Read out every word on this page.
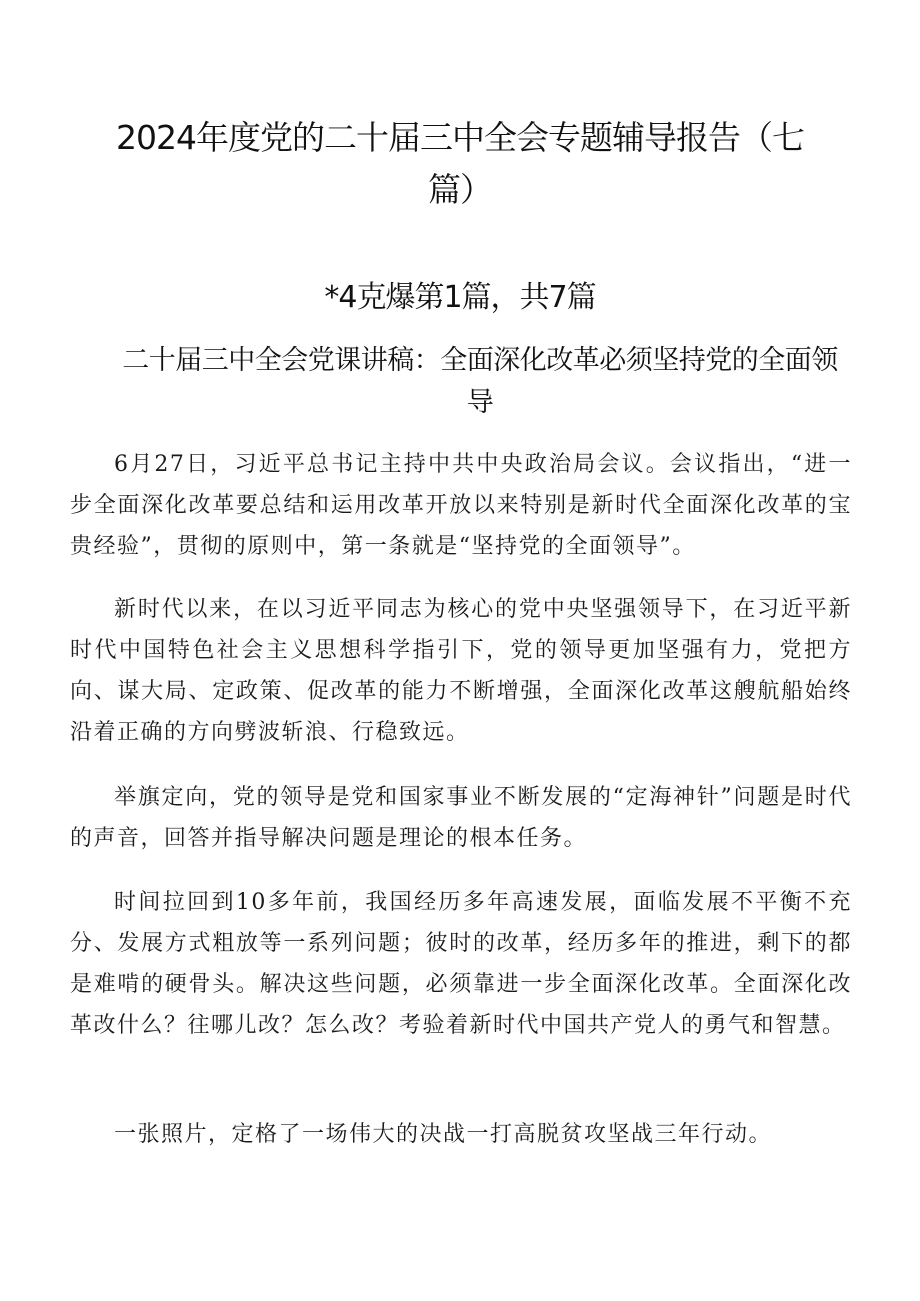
2024年度党的二十届三中全会专题辅导报告（七篇）
*4克爆第1篇，共7篇
二十届三中全会党课讲稿：全面深化改革必须坚持党的全面领导

6月27日，习近平总书记主持中共中央政治局会议。会议指出，“进一步全面深化改革要总结和运用改革开放以来特别是新时代全面深化改革的宝贵经验”，贯彻的原则中，第一条就是“坚持党的全面领导”。

新时代以来，在以习近平同志为核心的党中央坚强领导下，在习近平新时代中国特色社会主义思想科学指引下，党的领导更加坚强有力，党把方向、谋大局、定政策、促改革的能力不断增强，全面深化改革这艘航船始终沿着正确的方向劈波斩浪、行稳致远。

举旗定向，党的领导是党和国家事业不断发展的“定海神针”问题是时代的声音，回答并指导解决问题是理论的根本任务。

时间拉回到10多年前，我国经历多年高速发展，面临发展不平衡不充分、发展方式粗放等一系列问题；彼时的改革，经历多年的推进，剩下的都是难啃的硬骨头。解决这些问题，必须靠进一步全面深化改革。全面深化改革改什么？往哪儿改？怎么改？考验着新时代中国共产党人的勇气和智慧。

一张照片，定格了一场伟大的决战一打高脱贫攻坚战三年行动。
